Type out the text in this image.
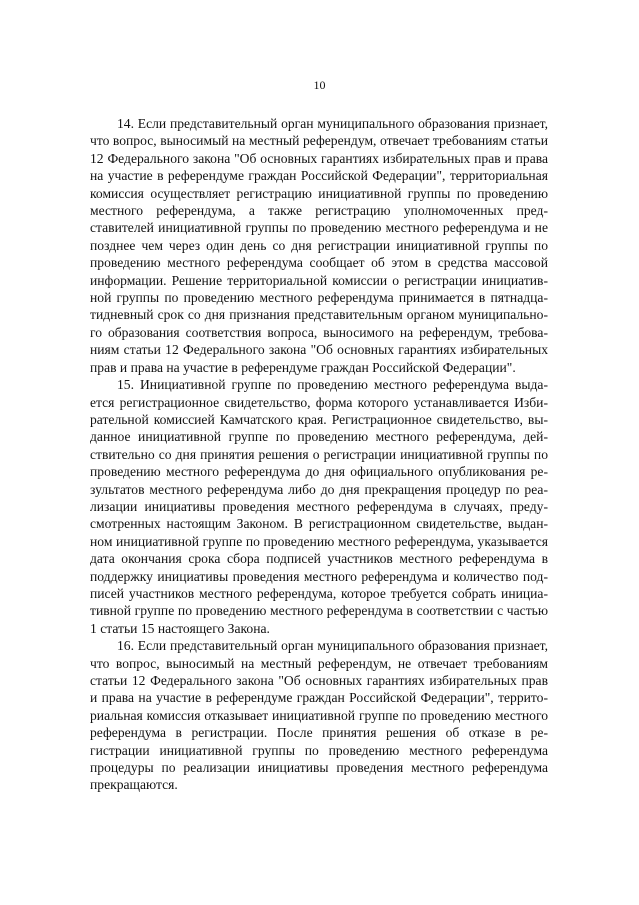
10

14. Если представительный орган муниципального образования признает, что вопрос, выносимый на местный референдум, отвечает требованиям статьи 12 Федерального закона "Об основных гарантиях избирательных прав и права на участие в референдуме граждан Российской Федерации", территориальная комиссия осуществляет регистрацию инициативной группы по проведению местного референдума, а также регистрацию уполномоченных представителей инициативной группы по проведению местного референдума и не позднее чем через один день со дня регистрации инициативной группы по проведению местного референдума сообщает об этом в средства массовой информации. Решение территориальной комиссии о регистрации инициативной группы по проведению местного референдума принимается в пятнадцатидневный срок со дня признания представительным органом муниципального образования соответствия вопроса, выносимого на референдум, требованиям статьи 12 Федерального закона "Об основных гарантиях избирательных прав и права на участие в референдуме граждан Российской Федерации".

15. Инициативной группе по проведению местного референдума выдается регистрационное свидетельство, форма которого устанавливается Избирательной комиссией Камчатского края. Регистрационное свидетельство, выданное инициативной группе по проведению местного референдума, действительно со дня принятия решения о регистрации инициативной группы по проведению местного референдума до дня официального опубликования результатов местного референдума либо до дня прекращения процедур по реализации инициативы проведения местного референдума в случаях, предусмотренных настоящим Законом. В регистрационном свидетельстве, выданном инициативной группе по проведению местного референдума, указывается дата окончания срока сбора подписей участников местного референдума в поддержку инициативы проведения местного референдума и количество подписей участников местного референдума, которое требуется собрать инициативной группе по проведению местного референдума в соответствии с частью 1 статьи 15 настоящего Закона.

16. Если представительный орган муниципального образования признает, что вопрос, выносимый на местный референдум, не отвечает требованиям статьи 12 Федерального закона "Об основных гарантиях избирательных прав и права на участие в референдуме граждан Российской Федерации", территориальная комиссия отказывает инициативной группе по проведению местного референдума в регистрации. После принятия решения об отказе в регистрации инициативной группы по проведению местного референдума процедуры по реализации инициативы проведения местного референдума прекращаются.
